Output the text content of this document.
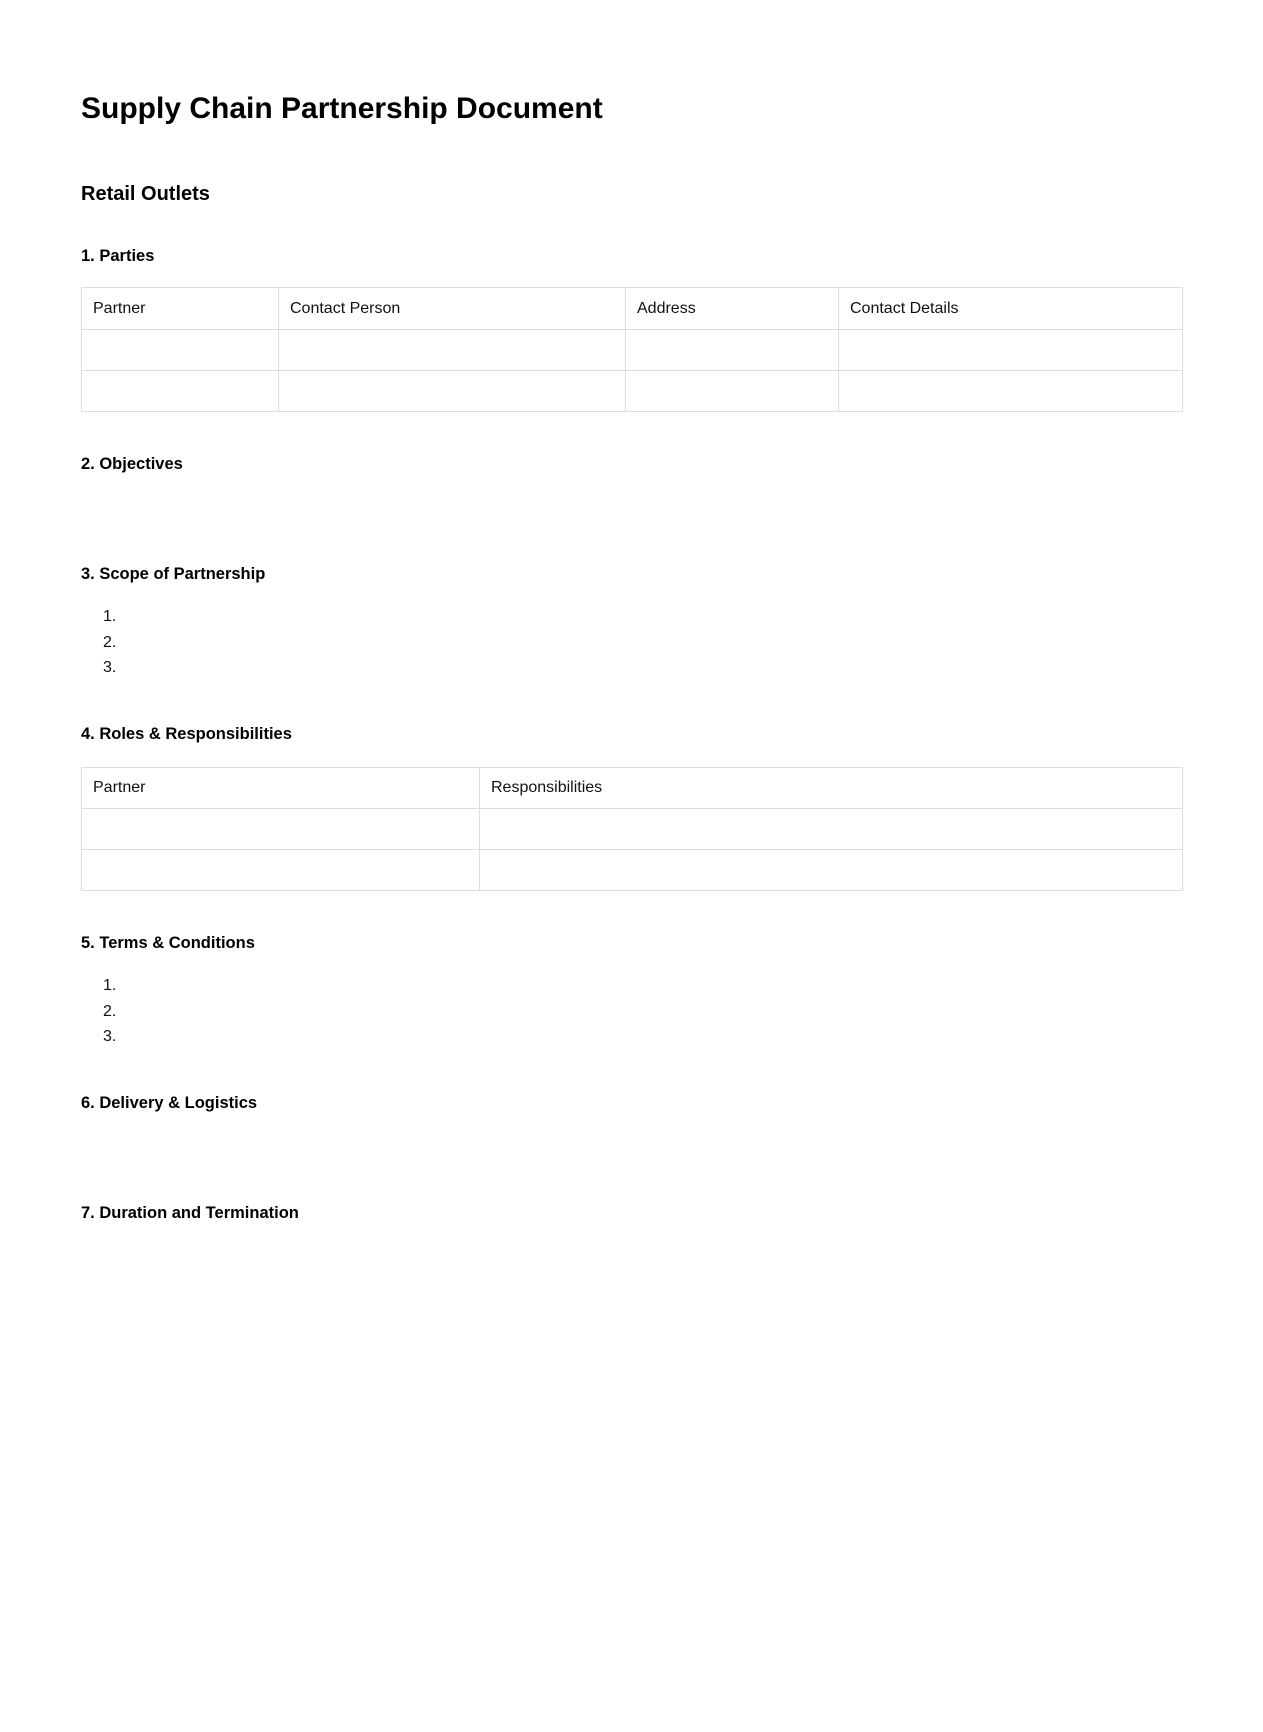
Supply Chain Partnership Document
Retail Outlets
1. Parties
Partner	Contact Person	Address	Contact Details

2. Objectives
3. Scope of Partnership
1.
2.
3.
4. Roles & Responsibilities
Partner	Responsibilities

5. Terms & Conditions
1.
2.
3.
6. Delivery & Logistics
7. Duration and Termination
